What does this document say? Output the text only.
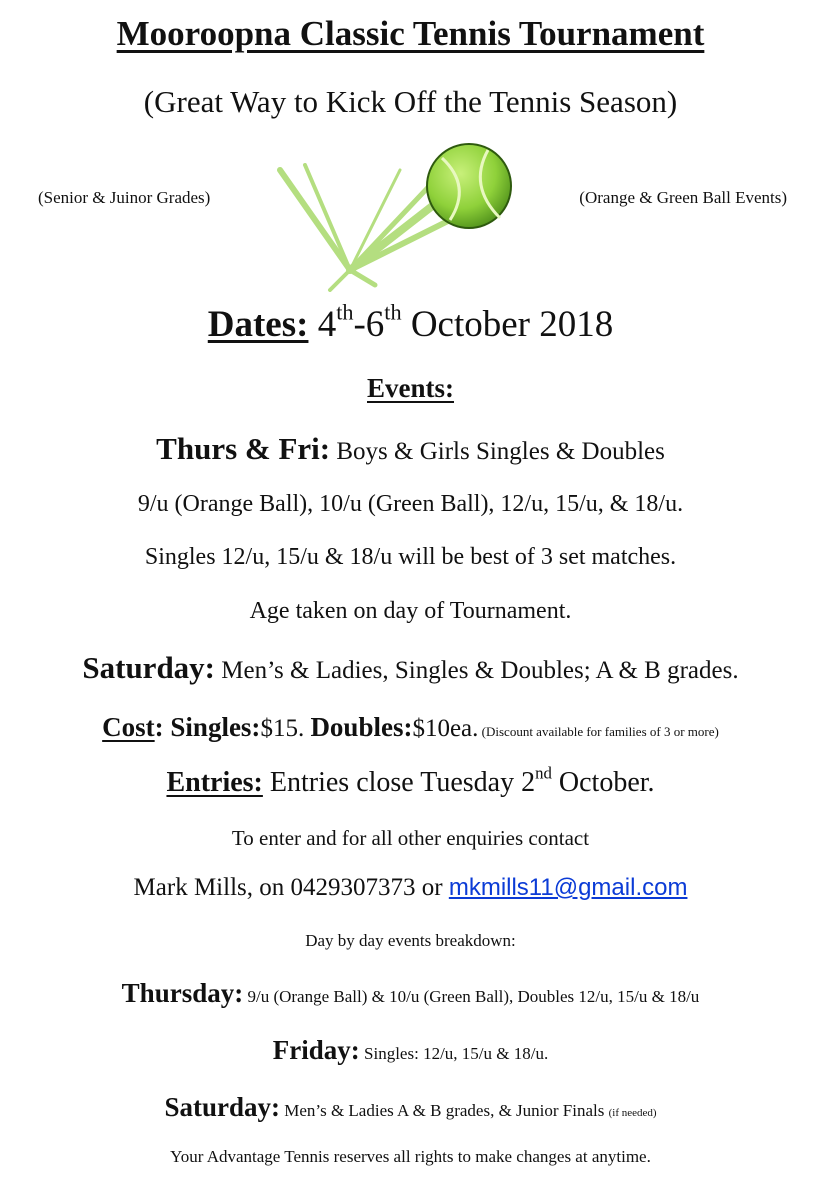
Mooroopna Classic Tennis Tournament
(Great Way to Kick Off the Tennis Season)
(Senior & Juinor Grades)	(Orange & Green Ball Events)
Dates: 4th-6th October 2018
Events:
Thurs & Fri: Boys & Girls Singles & Doubles
9/u (Orange Ball), 10/u (Green Ball), 12/u, 15/u, & 18/u.
Singles 12/u, 15/u & 18/u will be best of 3 set matches.
Age taken on day of Tournament.
Saturday: Men’s & Ladies, Singles & Doubles; A & B grades.
Cost: Singles:$15. Doubles:$10ea. (Discount available for families of 3 or more)
Entries: Entries close Tuesday 2nd October.
To enter and for all other enquiries contact
Mark Mills, on 0429307373 or mkmills11@gmail.com
Day by day events breakdown:
Thursday: 9/u (Orange Ball) & 10/u (Green Ball), Doubles 12/u, 15/u & 18/u
Friday: Singles: 12/u, 15/u & 18/u.
Saturday: Men’s & Ladies A & B grades, & Junior Finals (if needed)
Your Advantage Tennis reserves all rights to make changes at anytime.
